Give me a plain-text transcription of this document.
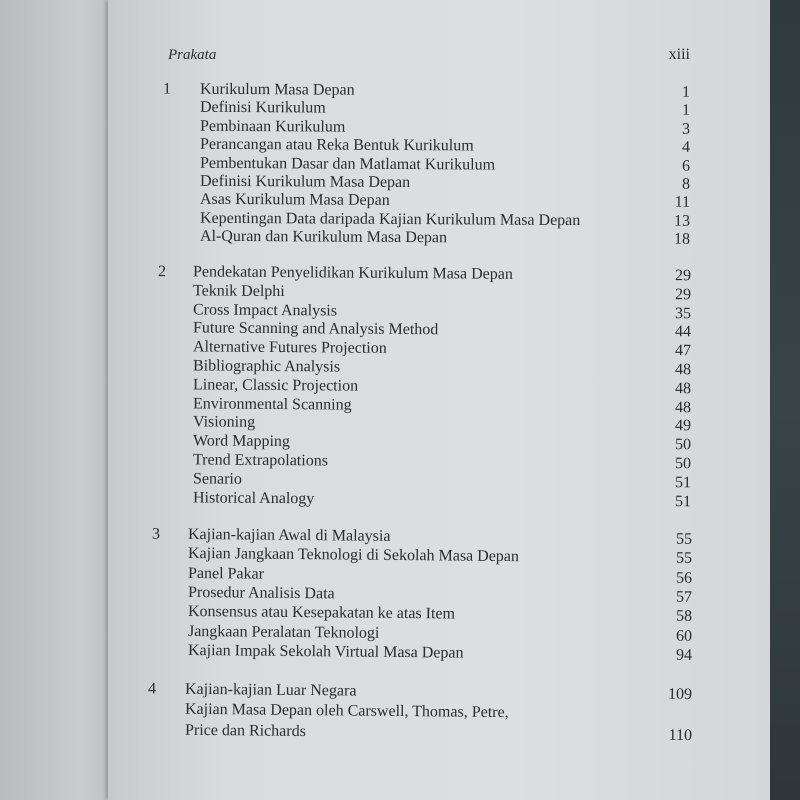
Prakata	xiii
1 Kurikulum Masa Depan	1
Definisi Kurikulum	1
Pembinaan Kurikulum	3
Perancangan atau Reka Bentuk Kurikulum	4
Pembentukan Dasar dan Matlamat Kurikulum	6
Definisi Kurikulum Masa Depan	8
Asas Kurikulum Masa Depan	11
Kepentingan Data daripada Kajian Kurikulum Masa Depan	13
Al-Quran dan Kurikulum Masa Depan	18
2 Pendekatan Penyelidikan Kurikulum Masa Depan	29
Teknik Delphi	29
Cross Impact Analysis	35
Future Scanning and Analysis Method	44
Alternative Futures Projection	47
Bibliographic Analysis	48
Linear, Classic Projection	48
Environmental Scanning	48
Visioning	49
Word Mapping	50
Trend Extrapolations	50
Senario	51
Historical Analogy	51
3 Kajian-kajian Awal di Malaysia	55
Kajian Jangkaan Teknologi di Sekolah Masa Depan	55
Panel Pakar	56
Prosedur Analisis Data	57
Konsensus atau Kesepakatan ke atas Item	58
Jangkaan Peralatan Teknologi	60
Kajian Impak Sekolah Virtual Masa Depan	94
4 Kajian-kajian Luar Negara	109
Kajian Masa Depan oleh Carswell, Thomas, Petre,
Price dan Richards	110
